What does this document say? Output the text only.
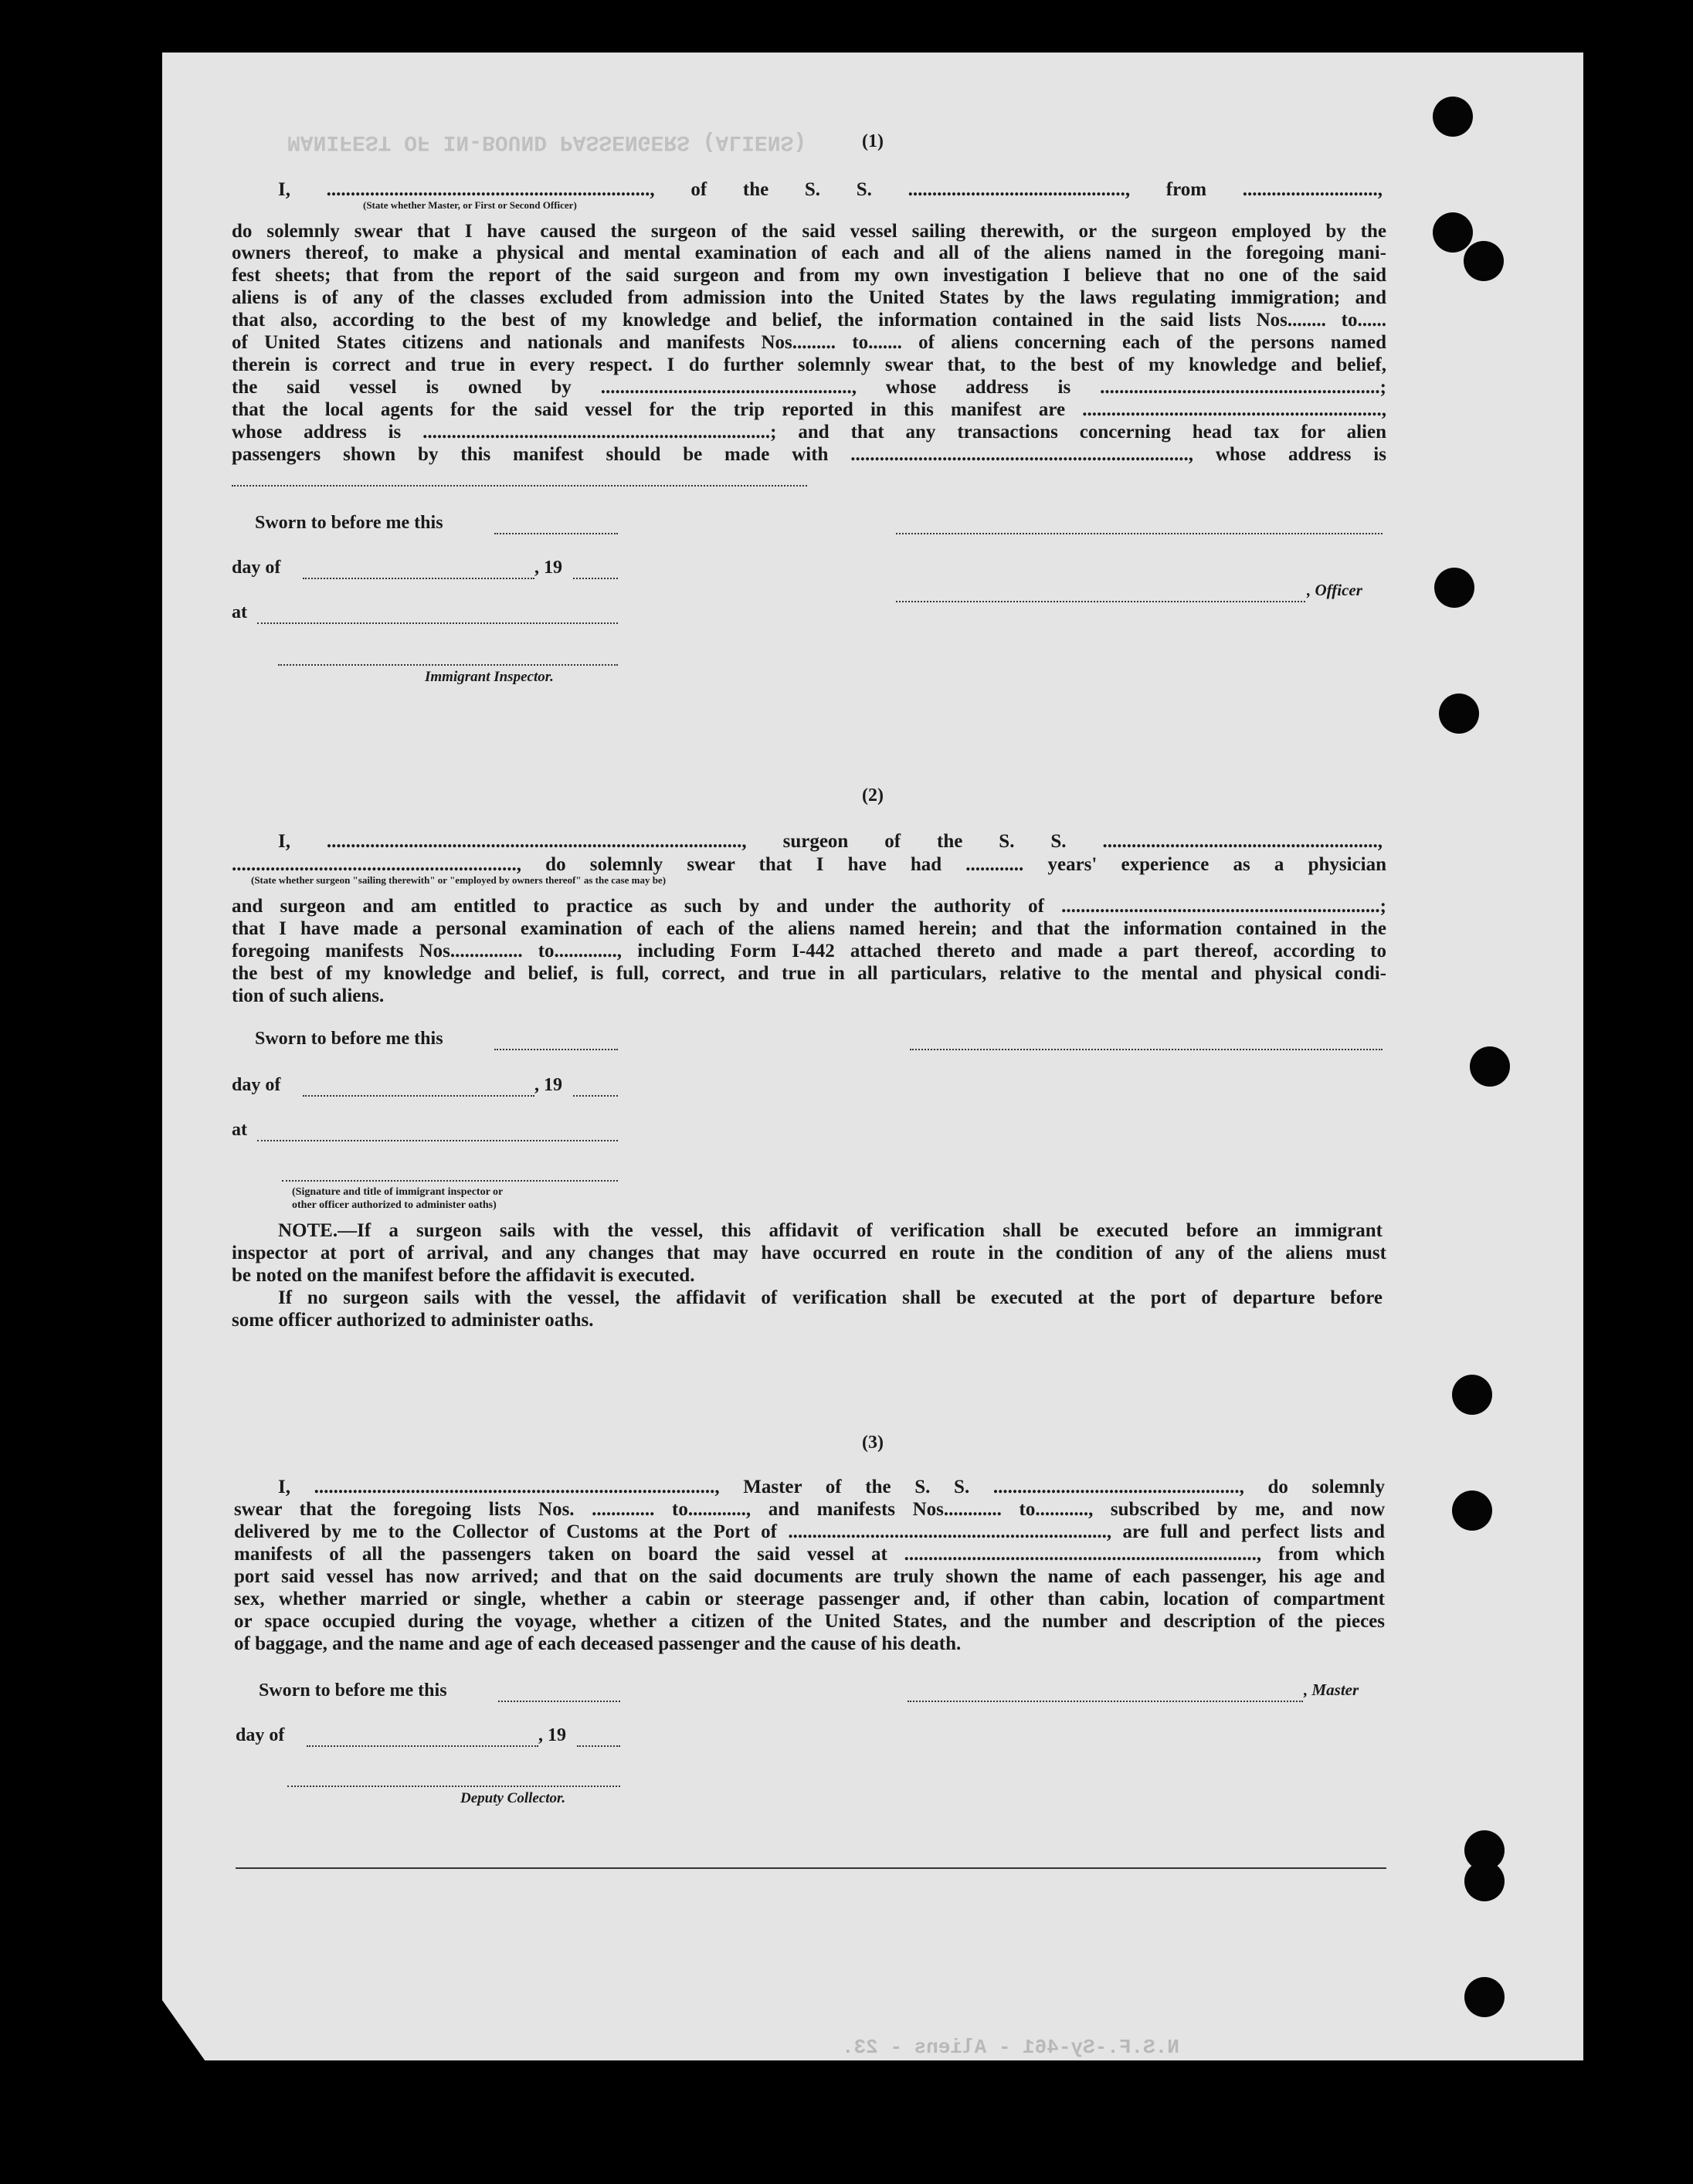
MANIFEST OF IN-BOUND PASSENGERS (ALIENS)
N.S.F.-Sy-461 - Aliens - 23.
(1)
I, ..................................................................., of the S. S. ............................................., from ............................,
(State whether Master, or First or Second Officer)
do solemnly swear that I have caused the surgeon of the said vessel sailing therewith, or the surgeon employed by the
owners thereof, to make a physical and mental examination of each and all of the aliens named in the foregoing mani-
fest sheets; that from the report of the said surgeon and from my own investigation I believe that no one of the said
aliens is of any of the classes excluded from admission into the United States by the laws regulating immigration; and
that also, according to the best of my knowledge and belief, the information contained in the said lists Nos........ to......
of United States citizens and nationals and manifests Nos......... to....... of aliens concerning each of the persons named
therein is correct and true in every respect. I do further solemnly swear that, to the best of my knowledge and belief,
the said vessel is owned by ...................................................., whose address is ..........................................................;
that the local agents for the said vessel for the trip reported in this manifest are ..............................................................,
whose address is ........................................................................; and that any transactions concerning head tax for alien
passengers shown by this manifest should be made with ......................................................................, whose address is
Sworn to before me this
day of	, 19
, Officer
at
Immigrant Inspector.
(2)
I, ......................................................................................, surgeon of the S. S. .........................................................,
..........................................................., do solemnly swear that I have had ............ years' experience as a physician
(State whether surgeon "sailing therewith" or "employed by owners thereof" as the case may be)
and surgeon and am entitled to practice as such by and under the authority of ..................................................................;
that I have made a personal examination of each of the aliens named herein; and that the information contained in the
foregoing manifests Nos............... to............., including Form I-442 attached thereto and made a part thereof, according to
the best of my knowledge and belief, is full, correct, and true in all particulars, relative to the mental and physical condi-
tion of such aliens.
Sworn to before me this
day of	, 19
at
(Signature and title of immigrant inspector or
other officer authorized to administer oaths)
NOTE.—If a surgeon sails with the vessel, this affidavit of verification shall be executed before an immigrant
inspector at port of arrival, and any changes that may have occurred en route in the condition of any of the aliens must
be noted on the manifest before the affidavit is executed.
If no surgeon sails with the vessel, the affidavit of verification shall be executed at the port of departure before
some officer authorized to administer oaths.
(3)
I, ..................................................................................., Master of the S. S. ..................................................., do solemnly
swear that the foregoing lists Nos. ............. to............, and manifests Nos............ to..........., subscribed by me, and now
delivered by me to the Collector of Customs at the Port of .................................................................., are full and perfect lists and
manifests of all the passengers taken on board the said vessel at ........................................................................., from which
port said vessel has now arrived; and that on the said documents are truly shown the name of each passenger, his age and
sex, whether married or single, whether a cabin or steerage passenger and, if other than cabin, location of compartment
or space occupied during the voyage, whether a citizen of the United States, and the number and description of the pieces
of baggage, and the name and age of each deceased passenger and the cause of his death.
Sworn to before me this	, Master
day of	, 19
Deputy Collector.
